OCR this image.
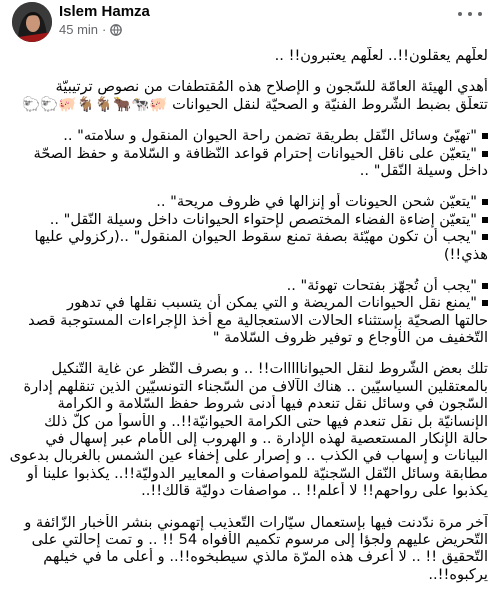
Islem Hamza
45 min ·
لعلّهم يعقلون!!.. لعلّهم يعتبرون!! ..
أُهدي الهيئة العامّة للسّجون و الإصلاح هذه المُقتطفات من نصوص ترتيبيّة
تتعلّق بضبط الشّروط الفنيّة و الصحيّة لنقل الحيوانات 🐖🐄🐂🐐🐐🐖🐑🐑
"تهيّئ وسائل النّقل بطريقة تضمن راحة الحيوان المنقول و سلامته" ..
"يتعيّن على ناقل الحيوانات إحترام قواعد النّظافة و السّلامة و حفظ الصحّة
داخل وسيلة النّقل" ..
"يتعيّن شحن الحيونات أو إنزالها في ظروف مريحة" ..
"يتعيّن إضاءة الفضاء المختصص لإحتواء الحيوانات داخل وسيلة النّقل" ..
"يجب أن تكون مهيّئة بصفة تمنع سقوط الحيوان المنقول" ..(ركزولي عليها
هذي!!)
"يجب أن تُجهّز بفتحات تهوئة" ..
"يمنع نقل الحيوانات المريضة و التي يمكن أن يتسبب نقلها في تدهور
حالتها الصحيّة بإستثناء الحالات الاستعجالية مع أخذ الإجراءات المستوجبة قصد
التّخفيف من الأوجاع و توفير ظروف السّلامة "
تلك بعض الشّروط لنقل الحيوانااااات!! .. و بصرف النّظر عن غاية التّنكيل
بالمعتقلين السياسيّين .. هناك الآلاف من السّجناء التونسيّين الذين تنقلهم إدارة
السّجون في وسائل نقل تنعدم فيها أدنى شروط حفظ السّلامة و الكرامة
الإنسانيّة بل نقل تنعدم فيها حتى الكرامة الحيوانيّة!!.. و الأسوأ من كلّ ذلك
حالة الإنكار المستعصية لهذه الإدارة .. و الهروب إلى الأمام عبر إسهال في
البيانات و إسهاب في الكذب .. و إصرار على إخفاء عين الشمس بالغربال بدعوى
مطابقة وسائل النّقل السّجنيّة للمواصفات و المعايير الدوليّة!!.. يكذبوا علينا أو
يكذبوا على رواحهم!! لا أعلم!! .. مواصفات دوليّة قالك!!..
آخر مرة ندّدنت فيها بإستعمال سيّارات التّعذيب إتهموني بنشر الأخبار الزّائفة و
التّحريض عليهم ولجؤا إلى مرسوم تكميم الأفواه 54 !! .. و تمت إحالتي على
التّحقيق !! .. لا أعرف هذه المرّة مالذي سيطبخوه!!.. و أعلى ما في خيلهم
يركبوه!!..
